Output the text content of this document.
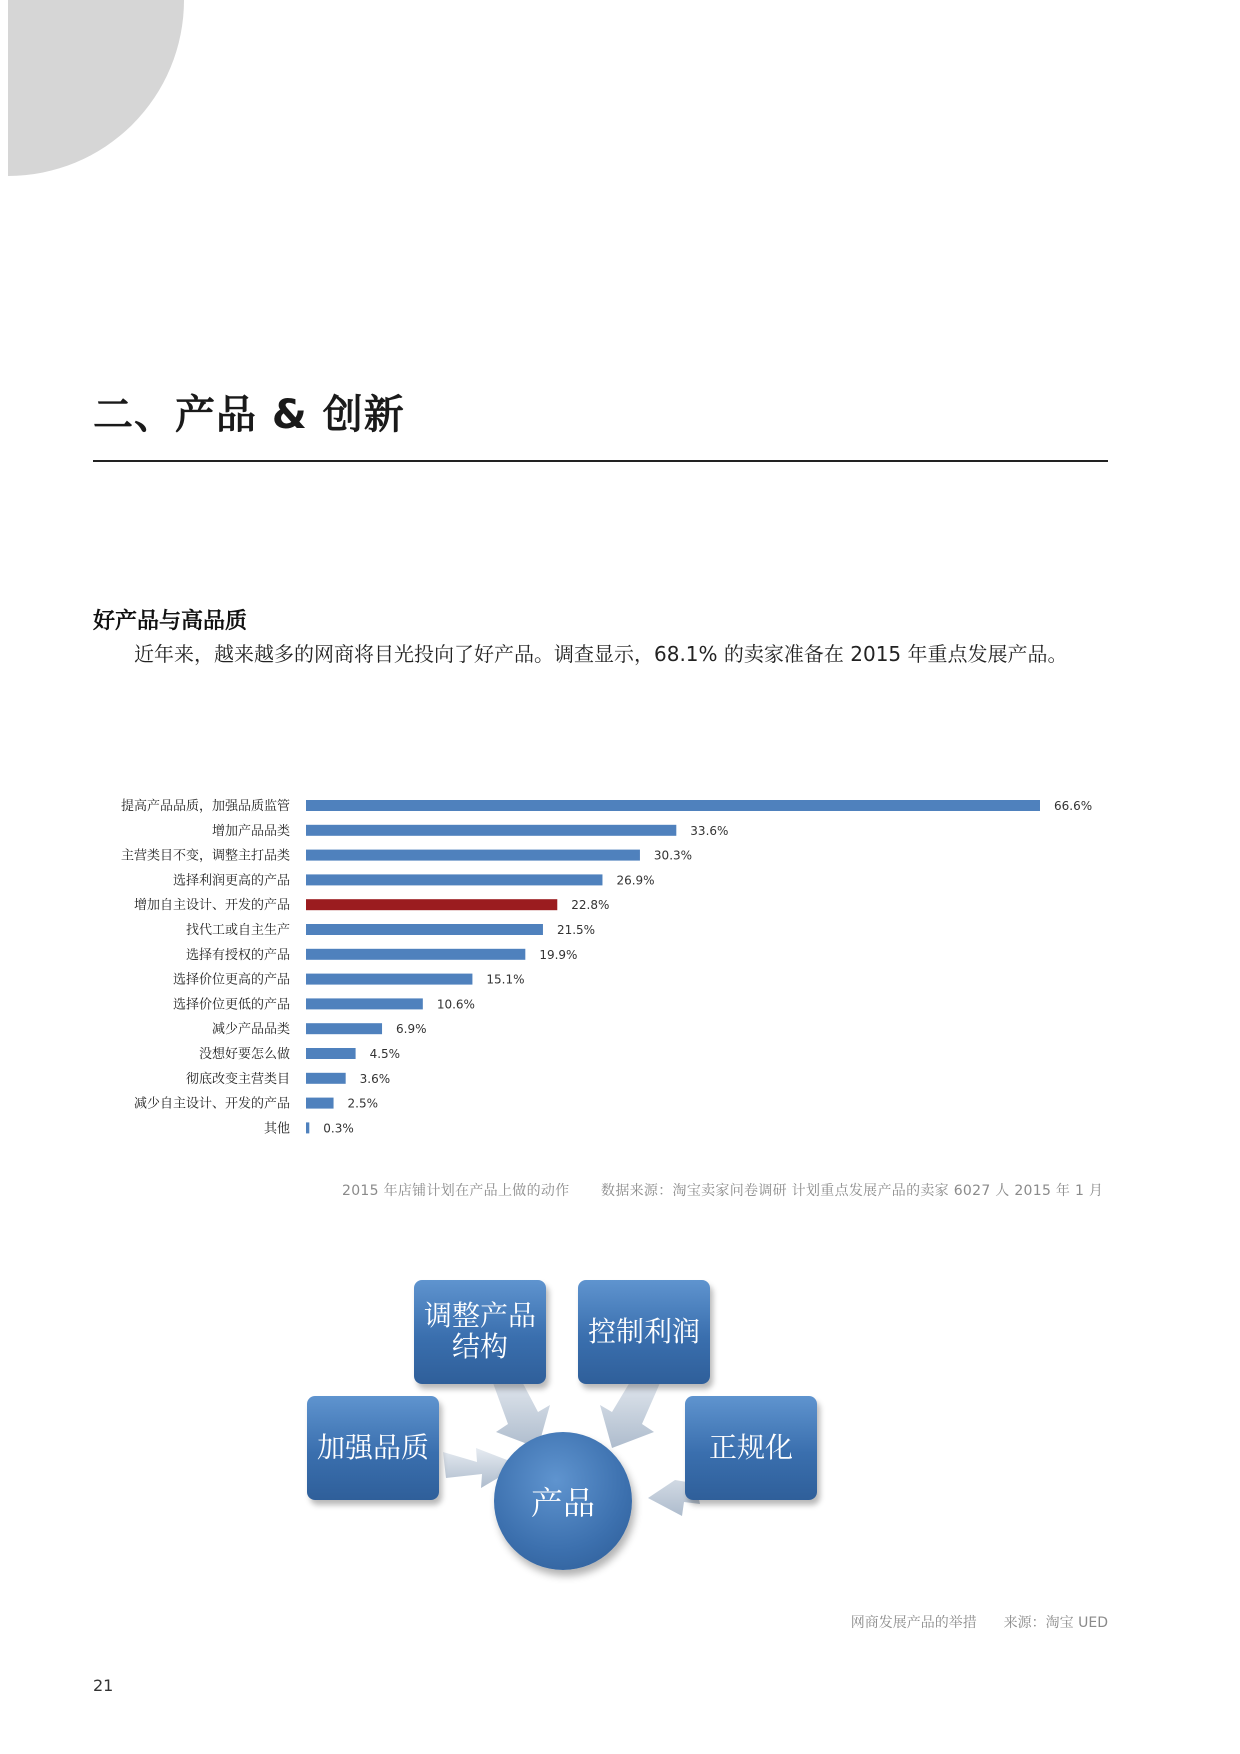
二、产品 & 创新
好产品与高品质

近年来，越来越多的网商将目光投向了好产品。调查显示，68.1% 的卖家准备在 2015 年重点发展产品。

提高产品品质，加强品质监管	66.6%
增加产品品类	33.6%
主营类目不变，调整主打品类	30.3%
选择利润更高的产品	26.9%
增加自主设计、开发的产品	22.8%
找代工或自主生产	21.5%
选择有授权的产品	19.9%
选择价位更高的产品	15.1%
选择价位更低的产品	10.6%
减少产品品类	6.9%
没想好要怎么做	4.5%
彻底改变主营类目	3.6%
减少自主设计、开发的产品	2.5%
其他	0.3%
2015 年店铺计划在产品上做的动作 数据来源：淘宝卖家问卷调研 计划重点发展产品的卖家 6027 人 2015 年 1 月
调整产品结构	控制利润
加强品质	正规化
产品
网商发展产品的举措 来源：淘宝 UED
21
